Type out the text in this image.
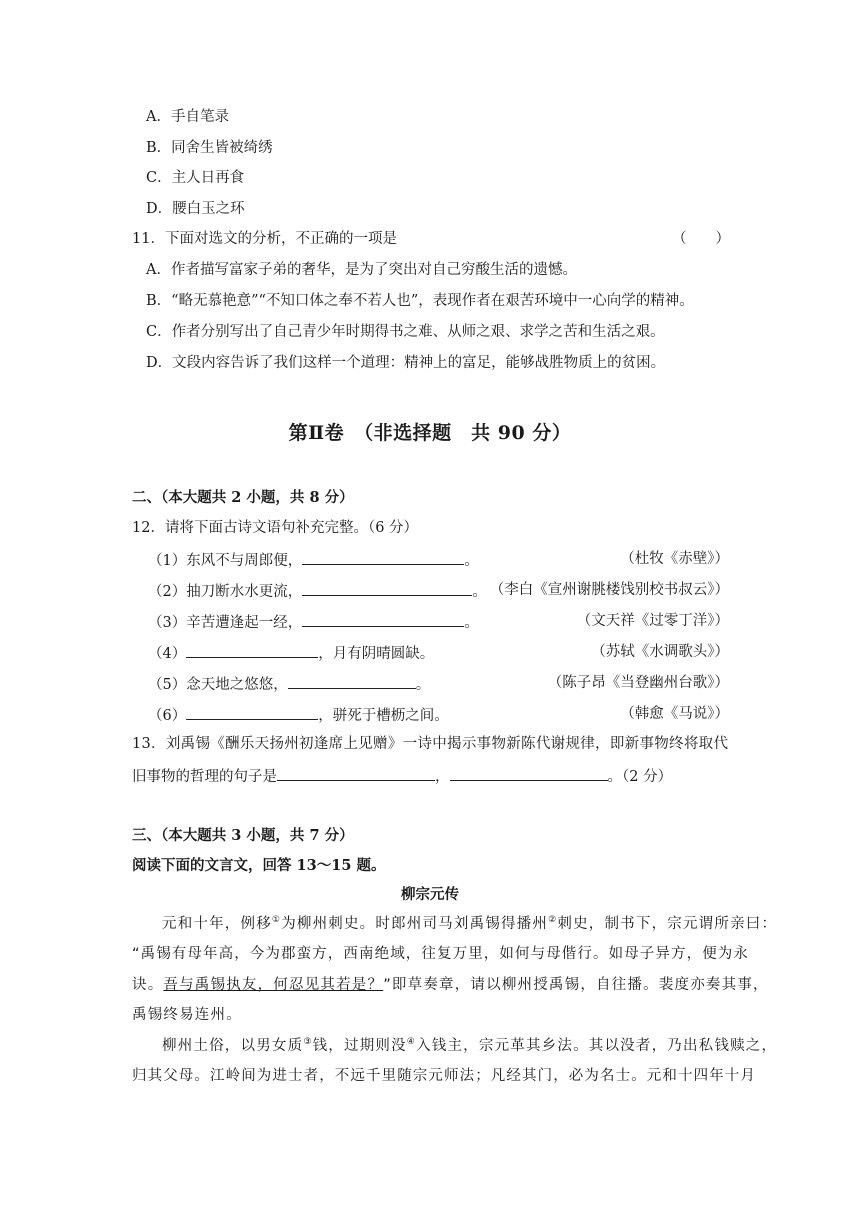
A．手自笔录
B．同舍生皆被绮绣
C．主人日再食
D．腰白玉之环
11．下面对选文的分析，不正确的一项是	（　　）
A．作者描写富家子弟的奢华，是为了突出对自己穷酸生活的遗憾。
B．“略无慕艳意”“不知口体之奉不若人也”，表现作者在艰苦环境中一心向学的精神。
C．作者分别写出了自己青少年时期得书之难、从师之艰、求学之苦和生活之艰。
D．文段内容告诉了我们这样一个道理：精神上的富足，能够战胜物质上的贫困。
第Ⅱ卷　（非选择题　共 90 分）
二、（本大题共 2 小题，共 8 分）
12．请将下面古诗文语句补充完整。（6 分）
（1）东风不与周郎便，	。	（杜牧《赤壁》）
（2）抽刀断水水更流，	。 （李白《宣州谢朓楼饯别校书叔云》）
（3）辛苦遭逢起一经，	。	（文天祥《过零丁洋》）
（4）	，月有阴晴圆缺。	（苏轼《水调歌头》）
（5）念天地之悠悠，	。	（陈子昂《当登幽州台歌》）
（6）	，骈死于槽枥之间。	（韩愈《马说》）
13．刘禹锡《酬乐天扬州初逢席上见赠》一诗中揭示事物新陈代谢规律，即新事物终将取代
旧事物的哲理的句子是	，	。（2 分）
三、（本大题共 3 小题，共 7 分）
阅读下面的文言文，回答 13～15 题。
柳宗元传
元和十年，例移①为柳州刺史。时郎州司马刘禹锡得播州②刺史，制书下，宗元谓所亲曰：
“禹锡有母年高，今为郡蛮方，西南绝域，往复万里，如何与母偕行。如母子异方，便为永
诀。吾与禹锡执友，何忍见其若是？”即草奏章，请以柳州授禹锡，自往播。裴度亦奏其事，
禹锡终易连州。
柳州土俗，以男女质③钱，过期则没④入钱主，宗元革其乡法。其以没者，乃出私钱赎之，
归其父母。江岭间为进士者，不远千里随宗元师法；凡经其门，必为名士。元和十四年十月
